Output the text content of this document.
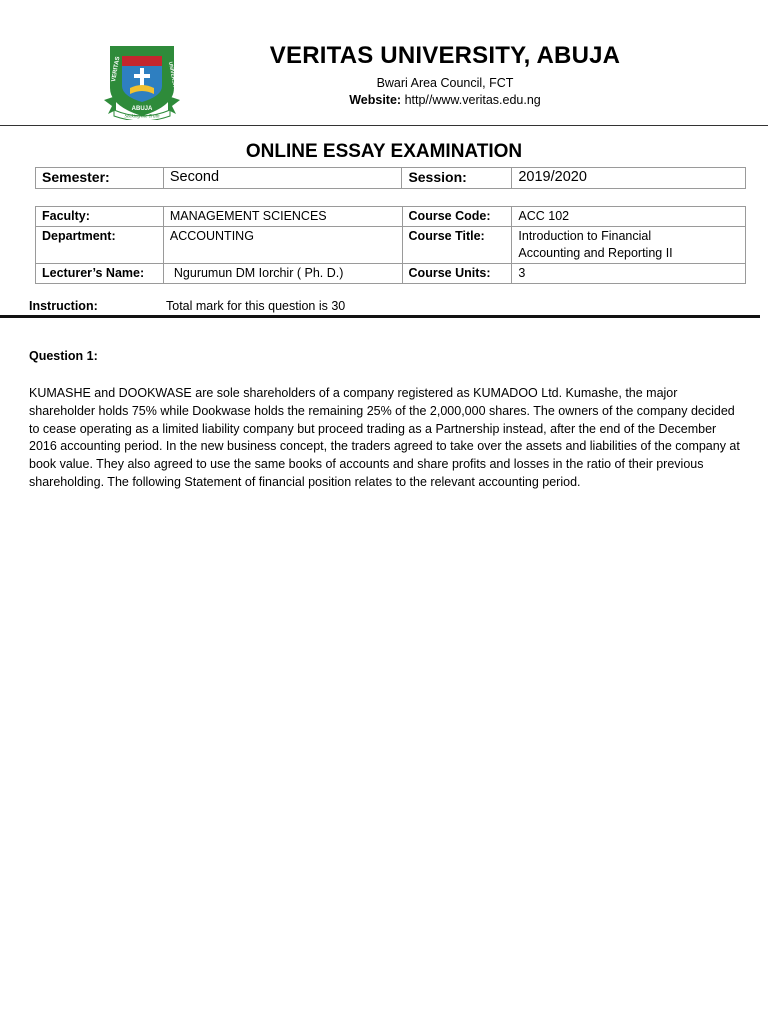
VERITAS	UNIVERSITY
ABUJA
Seeking the Truth
VERITAS UNIVERSITY, ABUJA
Bwari Area Council, FCT
Website: http//www.veritas.edu.ng
ONLINE ESSAY EXAMINATION
Semester:	Second	Session:	2019/2020
Faculty:	MANAGEMENT SCIENCES	Course Code:	ACC 102
Department:	ACCOUNTING	Course Title:	Introduction to Financial
Accounting and Reporting II

Lecturer’s Name:	Ngurumun DM Iorchir ( Ph. D.)	Course Units:	3
Instruction:	Total mark for this question is 30
Question 1:
KUMASHE and DOOKWASE are sole shareholders of a company registered as KUMADOO Ltd. Kumashe, the major shareholder holds 75% while Dookwase holds the remaining 25% of the 2,000,000 shares. The owners of the company decided to cease operating as a limited liability company but proceed trading as a Partnership instead, after the end of the December 2016 accounting period. In the new business concept, the traders agreed to take over the assets and liabilities of the company at book value. They also agreed to use the same books of accounts and share profits and losses in the ratio of their previous shareholding. The following Statement of financial position relates to the relevant accounting period.
